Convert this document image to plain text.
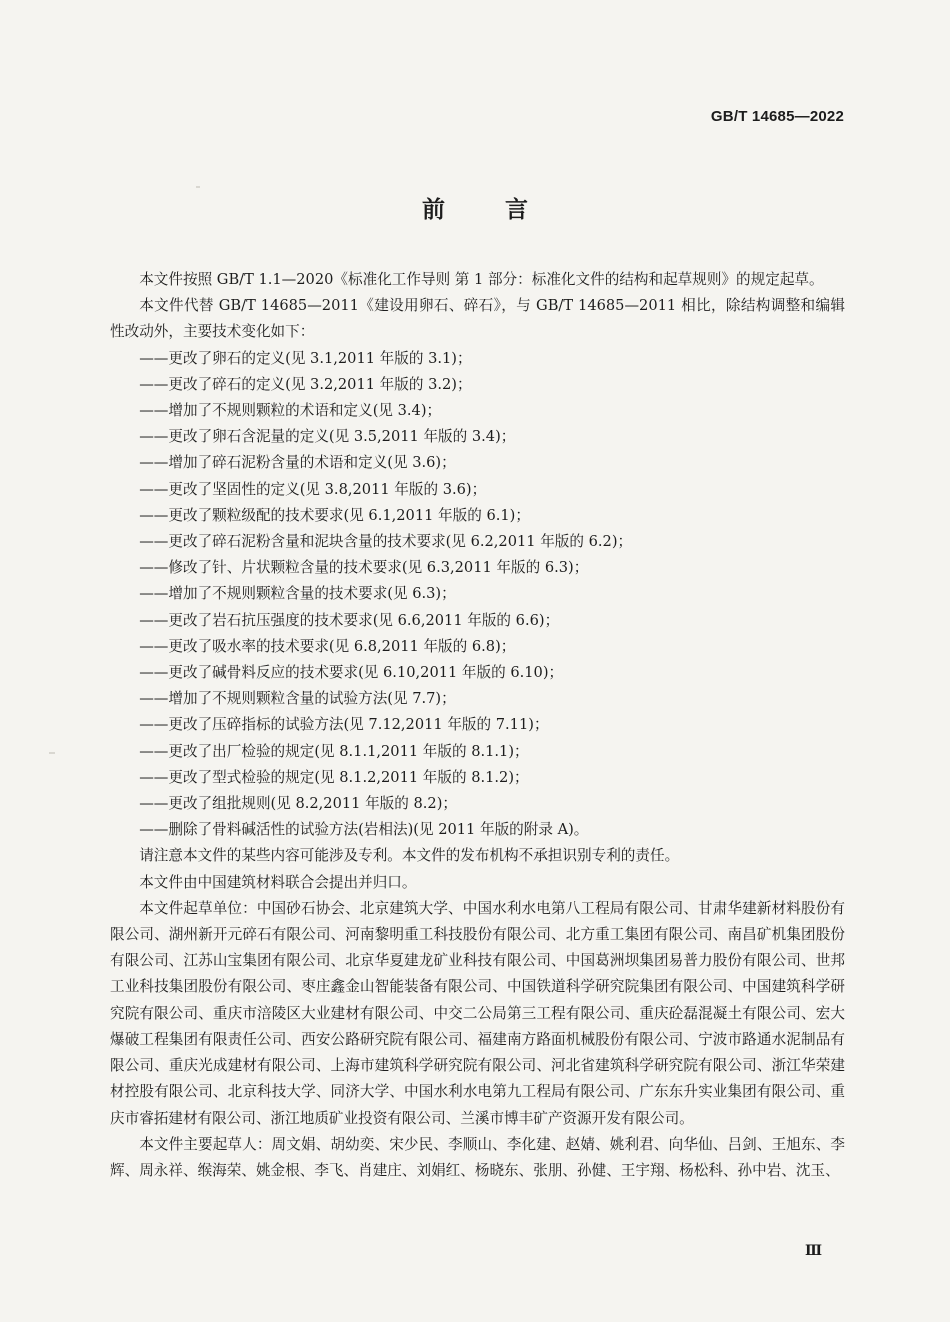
GB/T 14685—2022
前 言

本文件按照 GB/T 1.1—2020《标准化工作导则 第 1 部分：标准化文件的结构和起草规则》的规定起草。

本文件代替 GB/T 14685—2011《建设用卵石、碎石》，与 GB/T 14685—2011 相比，除结构调整和编辑性改动外，主要技术变化如下：

——更改了卵石的定义(见 3.1,2011 年版的 3.1)；

——更改了碎石的定义(见 3.2,2011 年版的 3.2)；

——增加了不规则颗粒的术语和定义(见 3.4)；

——更改了卵石含泥量的定义(见 3.5,2011 年版的 3.4)；

——增加了碎石泥粉含量的术语和定义(见 3.6)；

——更改了坚固性的定义(见 3.8,2011 年版的 3.6)；

——更改了颗粒级配的技术要求(见 6.1,2011 年版的 6.1)；

——更改了碎石泥粉含量和泥块含量的技术要求(见 6.2,2011 年版的 6.2)；

——修改了针、片状颗粒含量的技术要求(见 6.3,2011 年版的 6.3)；

——增加了不规则颗粒含量的技术要求(见 6.3)；

——更改了岩石抗压强度的技术要求(见 6.6,2011 年版的 6.6)；

——更改了吸水率的技术要求(见 6.8,2011 年版的 6.8)；

——更改了碱骨料反应的技术要求(见 6.10,2011 年版的 6.10)；

——增加了不规则颗粒含量的试验方法(见 7.7)；

——更改了压碎指标的试验方法(见 7.12,2011 年版的 7.11)；

——更改了出厂检验的规定(见 8.1.1,2011 年版的 8.1.1)；

——更改了型式检验的规定(见 8.1.2,2011 年版的 8.1.2)；

——更改了组批规则(见 8.2,2011 年版的 8.2)；

——删除了骨料碱活性的试验方法(岩相法)(见 2011 年版的附录 A)。

请注意本文件的某些内容可能涉及专利。本文件的发布机构不承担识别专利的责任。

本文件由中国建筑材料联合会提出并归口。

本文件起草单位：中国砂石协会、北京建筑大学、中国水利水电第八工程局有限公司、甘肃华建新材料股份有限公司、湖州新开元碎石有限公司、河南黎明重工科技股份有限公司、北方重工集团有限公司、南昌矿机集团股份有限公司、江苏山宝集团有限公司、北京华夏建龙矿业科技有限公司、中国葛洲坝集团易普力股份有限公司、世邦工业科技集团股份有限公司、枣庄鑫金山智能装备有限公司、中国铁道科学研究院集团有限公司、中国建筑科学研究院有限公司、重庆市涪陵区大业建材有限公司、中交二公局第三工程有限公司、重庆砼磊混凝土有限公司、宏大爆破工程集团有限责任公司、西安公路研究院有限公司、福建南方路面机械股份有限公司、宁波市路通水泥制品有限公司、重庆光成建材有限公司、上海市建筑科学研究院有限公司、河北省建筑科学研究院有限公司、浙江华荣建材控股有限公司、北京科技大学、同济大学、中国水利水电第九工程局有限公司、广东东升实业集团有限公司、重庆市睿拓建材有限公司、浙江地质矿业投资有限公司、兰溪市博丰矿产资源开发有限公司。

本文件主要起草人：周文娟、胡幼奕、宋少民、李顺山、李化建、赵婧、姚利君、向华仙、吕剑、王旭东、李辉、周永祥、缑海荣、姚金根、李飞、肖建庄、刘娟红、杨晓东、张朋、孙健、王宇翔、杨松科、孙中岩、沈玉、

Ⅲ
